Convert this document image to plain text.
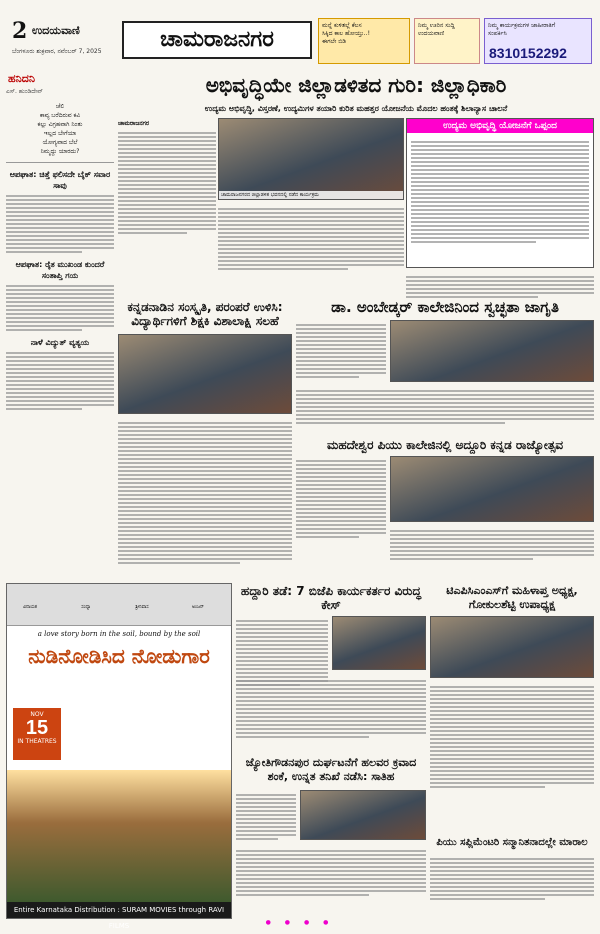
2 ಉದಯವಾಣಿ
ಬೆಂಗಳೂರು ಶುಕ್ರವಾರ, ನವೆಂಬರ್ 7, 2025	ಚಾಮರಾಜನಗರ
ಮನ್ನೆ ಕುಳಿತಲ್ಲೆ ಕೆಲಸ
ಸಿಕ್ಕಿದ ಕಾಲ ಹೋಯ್ತು..!
ಈಗಲೇ ಬಿಡಿ
ನಿಮ್ಮ ಊರಿನ ಸುದ್ದಿ
ಉದಯವಾಣಿ
ನಿಮ್ಮ ಕಾರ್ಯಕ್ರಮಗಳ ಜಾಹೀರಾತಿಗೆ
ಸಂಪರ್ಕಿಸಿ
8310152292
ಹನಿದನಿ
ಎಸ್. ಹುಂಡಿದೇವ್
ಚೆಲಿ
ಕಾವ್ಯ ಬರೆದಿರುವ ಕವಿ
ಕಲ್ಲು ವಿಗ್ರಹವಾಗಿ ನಿಂತು
ಇಲ್ಲದ ಬೇಗೆಯಾ
ಯೋಗ್ಯವಾದ ಬೆಲೆ
ನಿಮ್ಮದ್ದು ಯಾರದು?
ಆಪಘಾತ: ಚಿತ್ತೆ ಫಲಿಸದೇ ಬೈಕ್ ಸವಾರ ಸಾವು
ಆಪಘಾತ: ರೈತ ಮುಖಂಡ ಕುಂದರೆ ಸಂತಾಪ್ತಿ ಗಯ
ನಾಳೆ ವಿದ್ಯುತ್ ವ್ಯತ್ಯಯ
ಅಭಿವೃದ್ಧಿಯೇ ಜಿಲ್ಲಾಡಳಿತದ ಗುರಿ: ಜಿಲ್ಲಾಧಿಕಾರಿ
ಉದ್ಯಮ ಅಭಿವೃದ್ಧಿ, ವಿಸ್ತರಣೆ, ಉದ್ಯಮಿಗಳ ತಯಾರಿ ಕುರಿತ ಮಹತ್ತರ ಯೋಜನೆಯ ಮೊದಲ ಹಂತಕ್ಕೆ ಶಿಲಾನ್ಯಾಸ ಚಾಲನೆ
ಚಾಮರಾಜನಗರ
ಚಾಮರಾಜನಗರದ ಜಿಲ್ಲಾಡಳಿತ ಭವನದಲ್ಲಿ ನಡೆದ ಕಾರ್ಯಕ್ರಮ
ಉದ್ಯಮ ಅಭಿವೃದ್ಧಿ ಯೋಜನೆಗೆ ಒಪ್ಪಂದ
ಕನ್ನಡನಾಡಿನ ಸಂಸ್ಕೃತಿ, ಪರಂಪರೆ ಉಳಿಸಿ: ವಿದ್ಯಾರ್ಥಿಗಳಿಗೆ ಶಿಕ್ಷಕಿ ವಿಶಾಲಾಕ್ಷಿ ಸಲಹೆ
ಡಾ. ಅಂಬೇಡ್ಕರ್ ಕಾಲೇಜಿನಿಂದ ಸ್ವಚ್ಛತಾ ಜಾಗೃತಿ
ಮಹದೇಶ್ವರ ಪಿಯು ಕಾಲೇಜಿನಲ್ಲಿ ಅದ್ದೂರಿ ಕನ್ನಡ ರಾಜ್ಯೋತ್ಸವ
ಹದ್ದಾರಿ ತಡೆ: 7 ಬಿಜೆಪಿ ಕಾರ್ಯಕರ್ತರ ವಿರುದ್ಧ ಕೇಸ್
ಟಿಎಪಿಸಿಎಂಎಸ್‌ಗೆ ಮಹಿಳಾಪ್ತ ಅಧ್ಯಕ್ಷ, ಗೋಕುಲಶೆಟ್ಟಿ ಉಪಾಧ್ಯಕ್ಷ
ಜ್ಯೋತಿಗೌಡನಪುರ ದುರ್ಘಟನೆಗೆ ಹಲವರ ಕ್ರವಾದ ಶಂಕೆ, ಉನ್ನತ ತನಿಖೆ ನಡೆಸಿ: ಸಾತಿಹ
ಪಿಯು ಸಪ್ಲಿಮೆಂಟರಿ ಸನ್ಮಾನಿತನಾದಲ್ಲೇ ಮಾರಾಲ
ವಿನಾಯಕ	ಸಂಧ್ಯಾ	ಶ್ರೀನಿವಾಸ	ಅಂಜನ್
a love story born in the soil, bound by the soil
ನುಡಿನೋಡಿಸಿದ ನೋಡುಗಾರ
NOV
15
IN THEATRES
Entire Karnataka Distribution : SURAM MOVIES through RAVI FILMS	● ● ● ●
